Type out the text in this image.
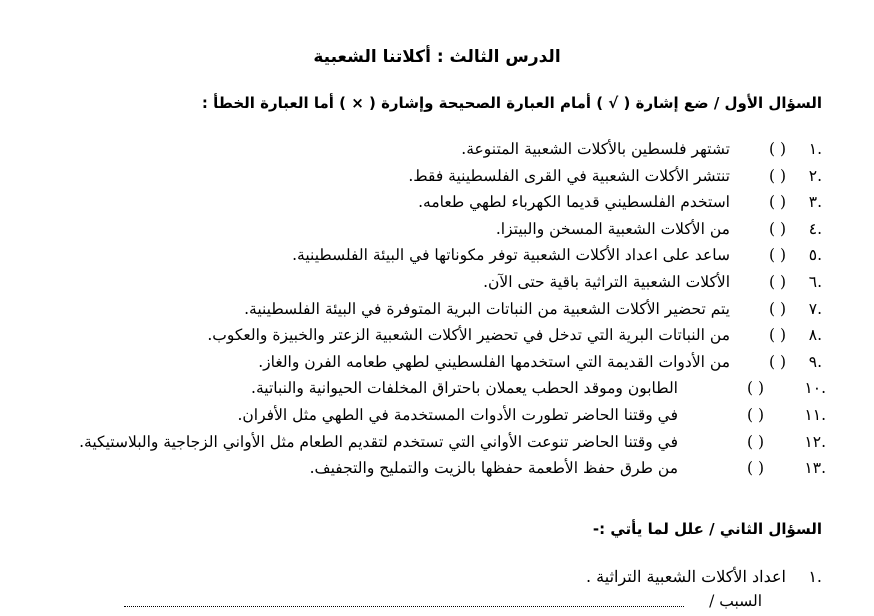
الدرس الثالث : أكلاتنا الشعبية
السؤال الأول / ضع إشارة ( √ ) أمام العبارة الصحيحة وإشارة ( × ) أما العبارة الخطأ :
.١
( )
تشتهر فلسطين بالأكلات الشعبية المتنوعة.
.٢
( )
تنتشر الأكلات الشعبية في القرى الفلسطينية فقط.
.٣
( )
استخدم الفلسطيني قديما الكهرباء لطهي طعامه.
.٤
( )
من الأكلات الشعبية المسخن والبيتزا.
.٥
( )
ساعد على اعداد الأكلات الشعبية توفر مكوناتها في البيئة الفلسطينية.
.٦
( )
الأكلات الشعبية التراثية باقية حتى الآن.
.٧
( )
يتم تحضير الأكلات الشعبية من النباتات البرية المتوفرة في البيئة الفلسطينية.
.٨
( )
من النباتات البرية التي تدخل في تحضير الأكلات الشعبية الزعتر والخبيزة والعكوب.
.٩
( )
من الأدوات القديمة التي استخدمها الفلسطيني لطهي طعامه الفرن والغاز.
.١٠
( )
الطابون وموقد الحطب يعملان باحتراق المخلفات الحيوانية والنباتية.
.١١
( )
في وقتنا الحاضر تطورت الأدوات المستخدمة في الطهي مثل الأفران.
.١٢
( )
في وقتنا الحاضر تنوعت الأواني التي تستخدم لتقديم الطعام مثل الأواني الزجاجية والبلاستيكية.
.١٣
( )
من طرق حفظ الأطعمة حفظها بالزيت والتمليح والتجفيف.
السؤال الثاني / علل لما يأتي :-
.١
اعداد الأكلات الشعبية التراثية .
السبب /
